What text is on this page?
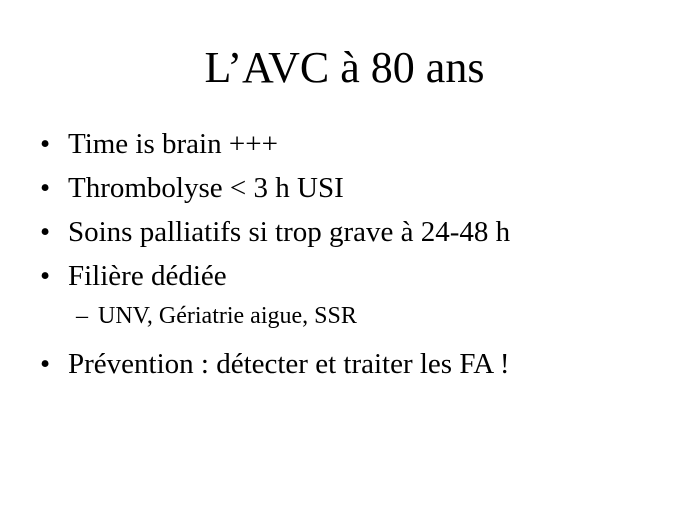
L’AVC à 80 ans
• Time is brain +++
• Thrombolyse < 3 h USI
• Soins palliatifs si trop grave à 24-48 h
• Filière dédiée
– UNV, Gériatrie aigue, SSR
• Prévention : détecter et traiter les FA !
